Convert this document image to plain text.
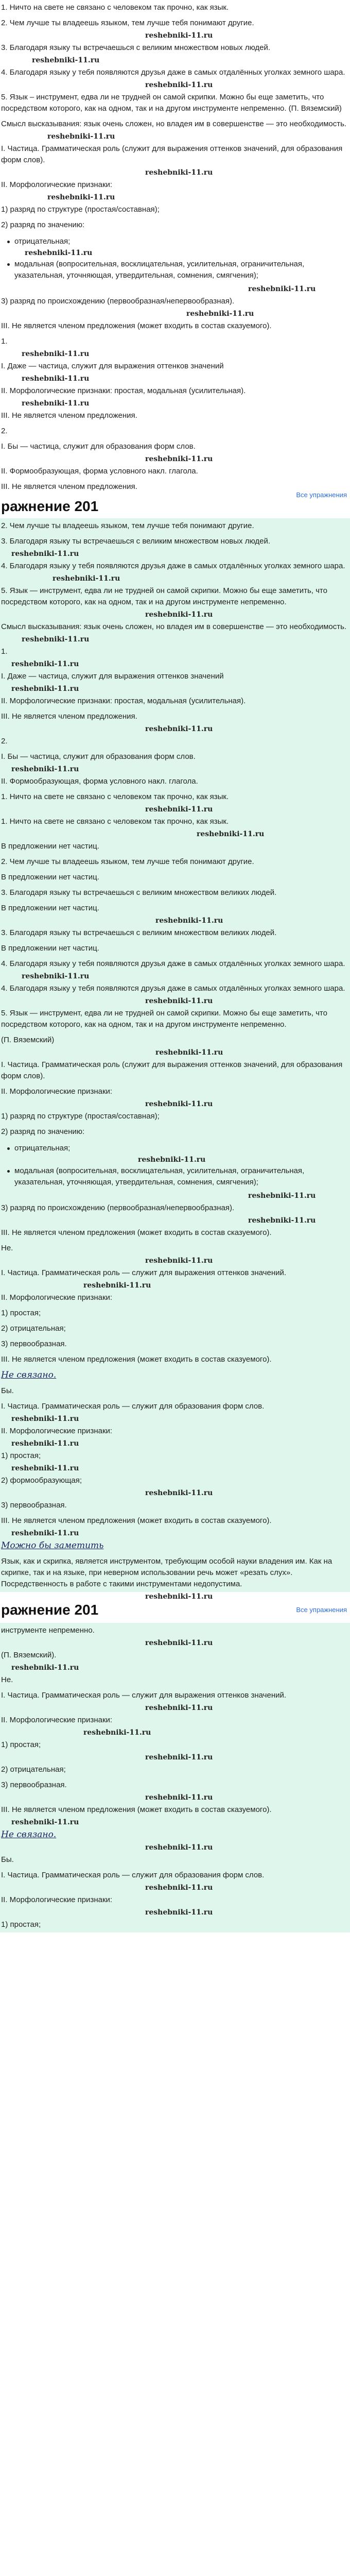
1. Ничто на свете не связано с человеком так прочно, как язык.
2. Чем лучше ты владеешь языком, тем лучше тебя понимают другие.
reshebniki-11.ru
3. Благодаря языку ты встречаешься с великим множеством новых людей.
reshebniki-11.ru
4. Благодаря языку у тебя появляются друзья даже в самых отдалённых уголках земного шара.
reshebniki-11.ru
5. Язык – инструмент, едва ли не трудней он самой скрипки. Можно бы еще заметить, что посредством которого, как на одном, так и на другом инструменте непременно. (П. Вяземский)
Смысл высказывания: язык очень сложен, но владея им в совершенстве — это необходимость.
reshebniki-11.ru
I. Частица. Грамматическая роль (служит для выражения оттенков значений, для образования форм слов).
reshebniki-11.ru
II. Морфологические признаки:
reshebniki-11.ru
1) разряд по структуре (простая/составная);
2) разряд по значению:
отрицательная;
reshebniki-11.ru
модальная (вопросительная, восклицательная, усилительная, ограничительная, указательная, уточняющая, утвердительная, сомнения, смягчения);
reshebniki-11.ru
3) разряд по происхождению (первообразная/непервообразная).
reshebniki-11.ru
III. Не является членом предложения (может входить в состав сказуемого).
1.
reshebniki-11.ru
I. Даже — частица, служит для выражения оттенков значений
reshebniki-11.ru
II. Морфологические признаки: простая, модальная (усилительная).
reshebniki-11.ru
III. Не является членом предложения.
2.
I. Бы — частица, служит для образования форм слов.
reshebniki-11.ru
II. Формообразующая, форма условного накл. глагола.
III. Не является членом предложения.
ражнение 201
Все упражнения
2. Чем лучше ты владеешь языком, тем лучше тебя понимают другие.
3. Благодаря языку ты встречаешься с великим множеством новых людей.
reshebniki-11.ru
4. Благодаря языку у тебя появляются друзья даже в самых отдалённых уголках земного шара.
reshebniki-11.ru
5. Язык — инструмент, едва ли не трудней он самой скрипки. Можно бы еще заметить, что посредством которого, как на одном, так и на другом инструменте непременно.
reshebniki-11.ru
Смысл высказывания: язык очень сложен, но владея им в совершенстве — это необходимость.
reshebniki-11.ru
1.
reshebniki-11.ru
I. Даже — частица, служит для выражения оттенков значений
reshebniki-11.ru
II. Морфологические признаки: простая, модальная (усилительная).
III. Не является членом предложения.
reshebniki-11.ru
2.
I. Бы — частица, служит для образования форм слов.
reshebniki-11.ru
II. Формообразующая, форма условного накл. глагола.
1. Ничто на свете не связано с человеком так прочно, как язык.
reshebniki-11.ru
1. Ничто на свете не связано с человеком так прочно, как язык.
reshebniki-11.ru
В предложении нет частиц.
2. Чем лучше ты владеешь языком, тем лучше тебя понимают другие.
В предложении нет частиц.
3. Благодаря языку ты встречаешься с великим множеством великих людей.
В предложении нет частиц.
reshebniki-11.ru
3. Благодаря языку ты встречаешься с великим множеством великих людей.
В предложении нет частиц.
4. Благодаря языку у тебя появляются друзья даже в самых отдалённых уголках земного шара.
reshebniki-11.ru
4. Благодаря языку у тебя появляются друзья даже в самых отдалённых уголках земного шара.
reshebniki-11.ru
5. Язык — инструмент, едва ли не трудней он самой скрипки. Можно бы еще заметить, что посредством которого, как на одном, так и на другом инструменте непременно.
(П. Вяземский)
reshebniki-11.ru
I. Частица. Грамматическая роль (служит для выражения оттенков значений, для образования форм слов).
II. Морфологические признаки:
reshebniki-11.ru
1) разряд по структуре (простая/составная);
2) разряд по значению:
отрицательная;
reshebniki-11.ru
модальная (вопросительная, восклицательная, усилительная, ограничительная, указательная, уточняющая, утвердительная, сомнения, смягчения);
reshebniki-11.ru
3) разряд по происхождению (первообразная/непервообразная).
reshebniki-11.ru
III. Не является членом предложения (может входить в состав сказуемого).
Не.
reshebniki-11.ru
I. Частица. Грамматическая роль — служит для выражения оттенков значений.
reshebniki-11.ru
II. Морфологические признаки:
1) простая;
2) отрицательная;
3) первообразная.
III. Не является членом предложения (может входить в состав сказуемого).
Не связано.
Бы.
I. Частица. Грамматическая роль — служит для образования форм слов.
reshebniki-11.ru
II. Морфологические признаки:
reshebniki-11.ru
1) простая;
reshebniki-11.ru
2) формообразующая;
reshebniki-11.ru
3) первообразная.
III. Не является членом предложения (может входить в состав сказуемого).
reshebniki-11.ru
Можно бы заметить
Язык, как и скрипка, является инструментом, требующим особой науки владения им. Как на скрипке, так и на языке, при неверном использовании речь может «резать слух». Посредственность в работе с такими инструментами недопустима.
reshebniki-11.ru
ражнение 201	Все упражнения
инструменте непременно.
reshebniki-11.ru
(П. Вяземский).
reshebniki-11.ru
Не.
I. Частица. Грамматическая роль — служит для выражения оттенков значений.
reshebniki-11.ru
II. Морфологические признаки:
reshebniki-11.ru
1) простая;
reshebniki-11.ru
2) отрицательная;
3) первообразная.
reshebniki-11.ru
III. Не является членом предложения (может входить в состав сказуемого).
reshebniki-11.ru
Не связано.
reshebniki-11.ru
Бы.
I. Частица. Грамматическая роль — служит для образования форм слов.
reshebniki-11.ru
II. Морфологические признаки:
reshebniki-11.ru
1) простая;
